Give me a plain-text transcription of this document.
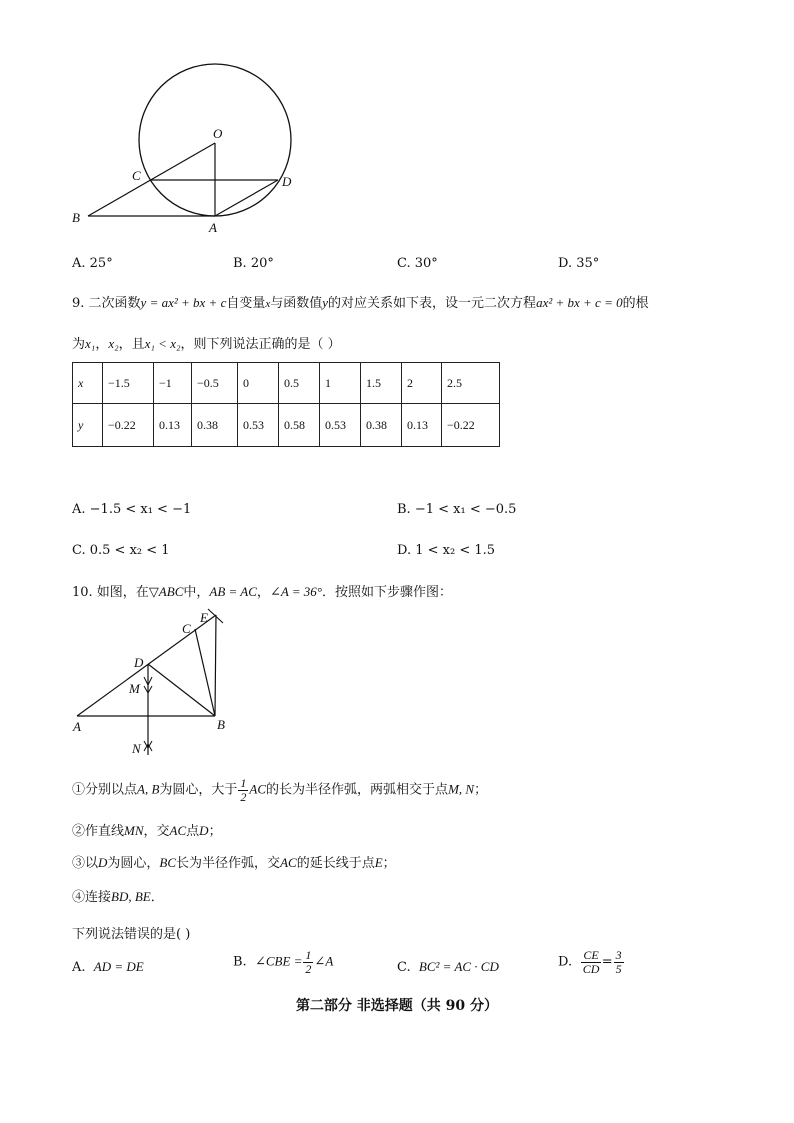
O
C	D
B
A
A. 25°	B. 20°	C. 30°	D. 35°
9. 二次函数y = ax² + bx + c自变量x与函数值y的对应关系如下表，设一元二次方程ax² + bx + c = 0的根
为x₁，x₂，且x₁ < x₂，则下列说法正确的是（ ）
x	−1.5	−1	−0.5	0	0.5	1	1.5	2	2.5
y	−0.22	0.13	0.38	0.53	0.58	0.53	0.38	0.13	−0.22
A. −1.5 < x₁ < −1	B. −1 < x₁ < −0.5
C. 0.5 < x₂ < 1	D. 1 < x₂ < 1.5
10. 如图，在▽ABC中，AB = AC，∠A = 36°．按照如下步骤作图：
E
C
D
M
A	B
N
①分别以点A, B为圆心，大于 $\frac{1}{2}$ AC的长为半径作弧，两弧相交于点M, N；
②作直线MN，交AC点D；
③以D为圆心，BC长为半径作弧，交AC的延长线于点E；
④连接BD, BE．
下列说法错误的是( )
A. AD = DE	B. ∠CBE = $\frac{1}{2}$ ∠A	C. BC² = AC · CD	D. $\frac{CE}{CD} = \frac{3}{5}$
第二部分 非选择题（共 90 分）
